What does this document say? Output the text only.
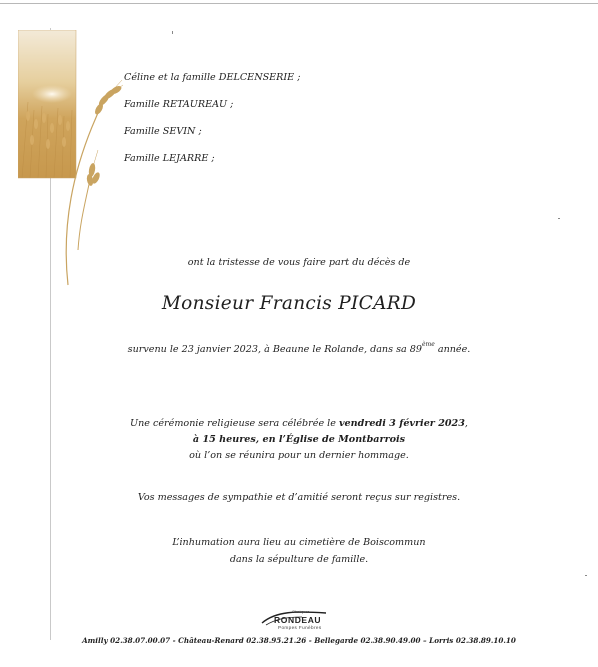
Céline et la famille DELCENSERIE ;
Famille RETAUREAU ;
Famille SEVIN ;
Famille LEJARRE ;
ont la tristesse de vous faire part du décès de
Monsieur Francis PICARD
survenu le 23 janvier 2023, à Beaune le Rolande, dans sa 89ème année.
Une cérémonie religieuse sera célébrée le vendredi 3 février 2023,
à 15 heures, en l’Église de Montbarrois
où l’on se réunira pour un dernier hommage.
Vos messages de sympathie et d’amitié seront reçus sur registres.
L’inhumation aura lieu au cimetière de Boiscommun
dans la sépulture de famille.
Obsèques
RONDEAU
Pompes Funèbres
Amilly 02.38.07.00.07 - Château-Renard 02.38.95.21.26 - Bellegarde 02.38.90.49.00 – Lorris 02.38.89.10.10
